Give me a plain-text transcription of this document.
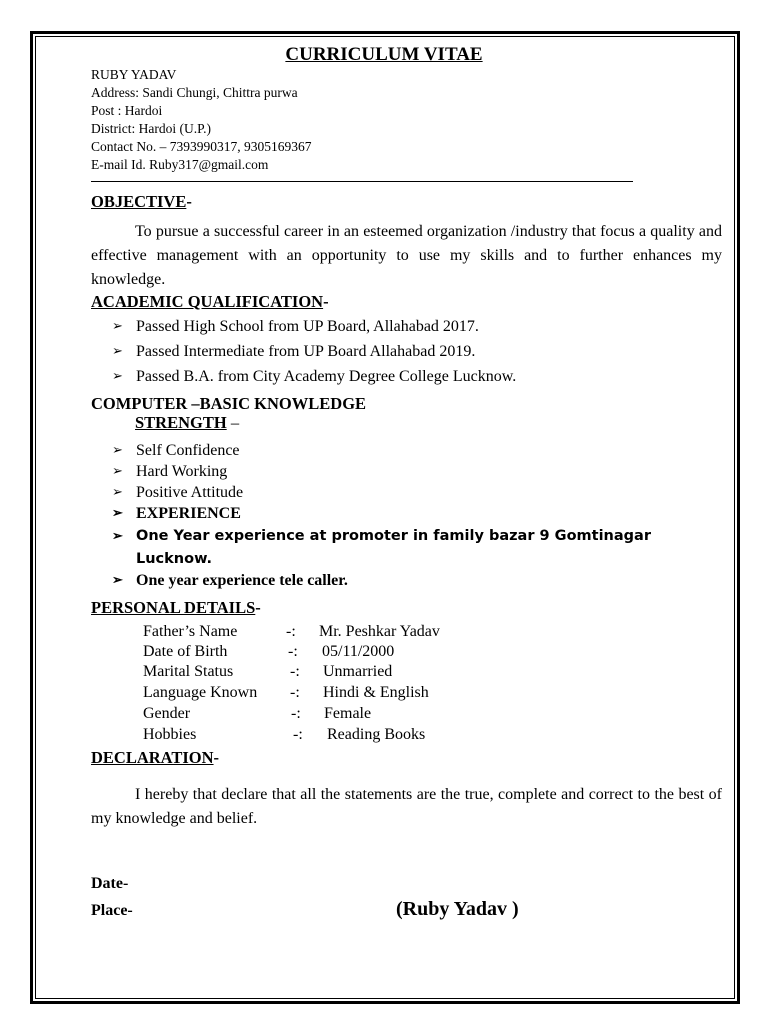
CURRICULUM VITAE
RUBY YADAV
Address: Sandi Chungi, Chittra purwa
Post : Hardoi
District: Hardoi (U.P.)
Contact No. – 7393990317, 9305169367
E-mail Id. Ruby317@gmail.com
OBJECTIVE-
To pursue a successful career in an esteemed organization /industry that focus a quality and effective management with an opportunity to use my skills and to further enhances my knowledge.
ACADEMIC QUALIFICATION-
➢ Passed High School from UP Board, Allahabad 2017.
➢ Passed Intermediate from UP Board Allahabad 2019.
➢ Passed B.A. from City Academy Degree College Lucknow.
COMPUTER –BASIC KNOWLEDGE
STRENGTH –
➢ Self Confidence
➢ Hard Working
➢ Positive Attitude
➢ EXPERIENCE
➢ One Year experience at promoter in family bazar 9 Gomtinagar
Lucknow.
➢ One year experience tele caller.
PERSONAL DETAILS-
Father’s Name	-: Mr. Peshkar Yadav
Date of Birth	-: 05/11/2000
Marital Status	-: Unmarried
Language Known -: Hindi & English
Gender	-: Female
Hobbies	-: Reading Books
DECLARATION-
I hereby that declare that all the statements are the true, complete and correct to the best of my knowledge and belief.
Date-
Place-	(Ruby Yadav )
